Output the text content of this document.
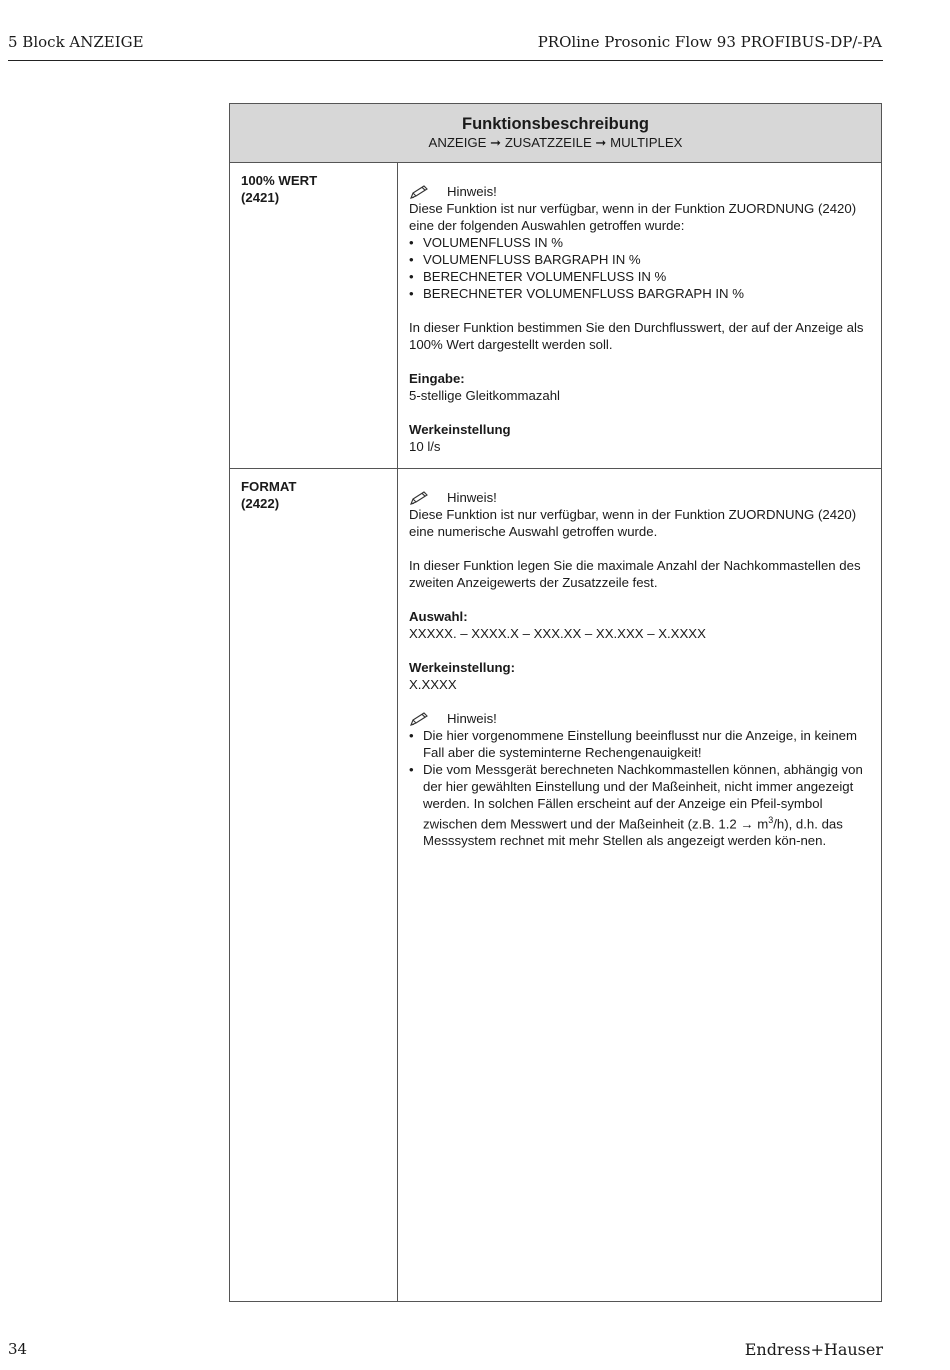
5 Block ANZEIGE	PROline Prosonic Flow 93 PROFIBUS-DP/-PA
Funktionsbeschreibung
ANZEIGE ➞ ZUSATZZEILE ➞ MULTIPLEX
100% WERT
(2421)	Hinweis!

Diese Funktion ist nur verfügbar, wenn in der Funktion ZUORDNUNG (2420) eine der folgenden Auswahlen getroffen wurde:

• VOLUMENFLUSS IN %
• VOLUMENFLUSS BARGRAPH IN %
• BERECHNETER VOLUMENFLUSS IN %
• BERECHNETER VOLUMENFLUSS BARGRAPH IN %

In dieser Funktion bestimmen Sie den Durchflusswert, der auf der Anzeige als 100% Wert dargestellt werden soll.

Eingabe:

5-stellige Gleitkommazahl

Werkeinstellung

10 l/s

FORMAT
(2422)	Hinweis!

Diese Funktion ist nur verfügbar, wenn in der Funktion ZUORDNUNG (2420) eine numerische Auswahl getroffen wurde.

In dieser Funktion legen Sie die maximale Anzahl der Nachkommastellen des zweiten Anzeigewerts der Zusatzzeile fest.

Auswahl:

XXXXX. – XXXX.X – XXX.XX – XX.XXX – X.XXXX

Werkeinstellung:

X.XXXX

Hinweis!
• Die hier vorgenommene Einstellung beeinflusst nur die Anzeige, in keinem Fall aber die systeminterne Rechengenauigkeit!
• Die vom Messgerät berechneten Nachkommastellen können, abhängig von der hier gewählten Einstellung und der Maßeinheit, nicht immer angezeigt werden. In solchen Fällen erscheint auf der Anzeige ein Pfeil-symbol zwischen dem Messwert und der Maßeinheit (z.B. $1.2 \to m^3/h$), d.h. das Messsystem rechnet mit mehr Stellen als angezeigt werden kön-nen.
34	Endress+Hauser
